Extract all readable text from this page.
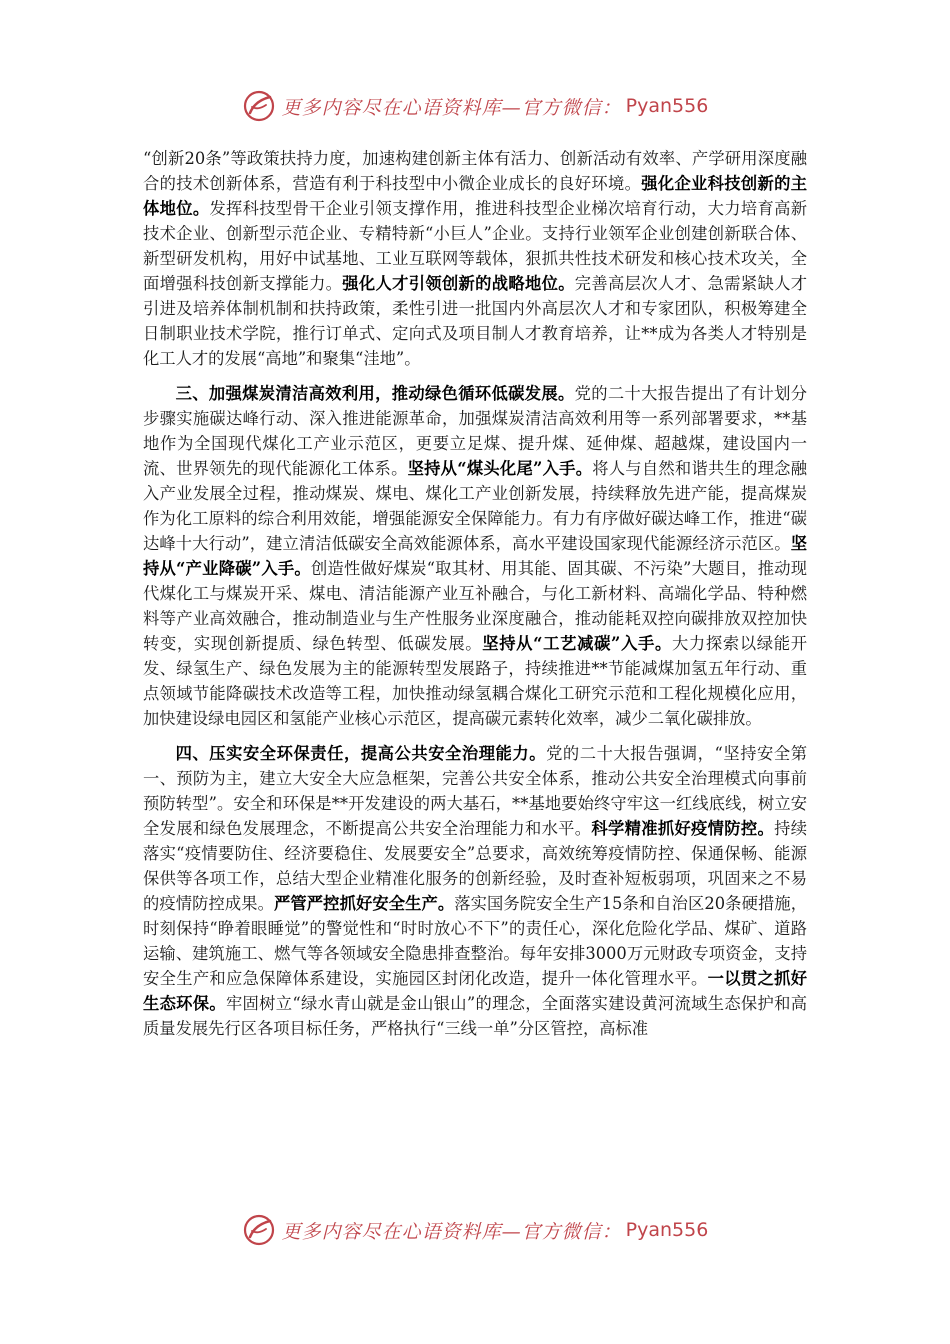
更多内容尽在心语资料库—官方微信： Pyan556

“创新20条”等政策扶持力度，加速构建创新主体有活力、创新活动有效率、产学研用深度融合的技术创新体系，营造有利于科技型中小微企业成长的良好环境。强化企业科技创新的主体地位。发挥科技型骨干企业引领支撑作用，推进科技型企业梯次培育行动，大力培育高新技术企业、创新型示范企业、专精特新“小巨人”企业。支持行业领军企业创建创新联合体、新型研发机构，用好中试基地、工业互联网等载体，狠抓共性技术研发和核心技术攻关，全面增强科技创新支撑能力。强化人才引领创新的战略地位。完善高层次人才、急需紧缺人才引进及培养体制机制和扶持政策，柔性引进一批国内外高层次人才和专家团队，积极筹建全日制职业技术学院，推行订单式、定向式及项目制人才教育培养，让**成为各类人才特别是化工人才的发展“高地”和聚集“洼地”。

三、加强煤炭清洁高效利用，推动绿色循环低碳发展。党的二十大报告提出了有计划分步骤实施碳达峰行动、深入推进能源革命，加强煤炭清洁高效利用等一系列部署要求，**基地作为全国现代煤化工产业示范区，更要立足煤、提升煤、延伸煤、超越煤，建设国内一流、世界领先的现代能源化工体系。坚持从“煤头化尾”入手。将人与自然和谐共生的理念融入产业发展全过程，推动煤炭、煤电、煤化工产业创新发展，持续释放先进产能，提高煤炭作为化工原料的综合利用效能，增强能源安全保障能力。有力有序做好碳达峰工作，推进“碳达峰十大行动”，建立清洁低碳安全高效能源体系，高水平建设国家现代能源经济示范区。坚持从“产业降碳”入手。创造性做好煤炭“取其材、用其能、固其碳、不污染”大题目，推动现代煤化工与煤炭开采、煤电、清洁能源产业互补融合，与化工新材料、高端化学品、特种燃料等产业高效融合，推动制造业与生产性服务业深度融合，推动能耗双控向碳排放双控加快转变，实现创新提质、绿色转型、低碳发展。坚持从“工艺减碳”入手。大力探索以绿能开发、绿氢生产、绿色发展为主的能源转型发展路子，持续推进**节能减煤加氢五年行动、重点领域节能降碳技术改造等工程，加快推动绿氢耦合煤化工研究示范和工程化规模化应用，加快建设绿电园区和氢能产业核心示范区，提高碳元素转化效率，减少二氧化碳排放。

四、压实安全环保责任，提高公共安全治理能力。党的二十大报告强调，“坚持安全第一、预防为主，建立大安全大应急框架，完善公共安全体系，推动公共安全治理模式向事前预防转型”。安全和环保是**开发建设的两大基石，**基地要始终守牢这一红线底线，树立安全发展和绿色发展理念，不断提高公共安全治理能力和水平。科学精准抓好疫情防控。持续落实“疫情要防住、经济要稳住、发展要安全”总要求，高效统筹疫情防控、保通保畅、能源保供等各项工作，总结大型企业精准化服务的创新经验，及时查补短板弱项，巩固来之不易的疫情防控成果。严管严控抓好安全生产。落实国务院安全生产15条和自治区20条硬措施，时刻保持“睁着眼睡觉”的警觉性和“时时放心不下”的责任心，深化危险化学品、煤矿、道路运输、建筑施工、燃气等各领域安全隐患排查整治。每年安排3000万元财政专项资金，支持安全生产和应急保障体系建设，实施园区封闭化改造，提升一体化管理水平。一以贯之抓好生态环保。牢固树立“绿水青山就是金山银山”的理念，全面落实建设黄河流域生态保护和高质量发展先行区各项目标任务，严格执行“三线一单”分区管控，高标准

更多内容尽在心语资料库—官方微信： Pyan556
